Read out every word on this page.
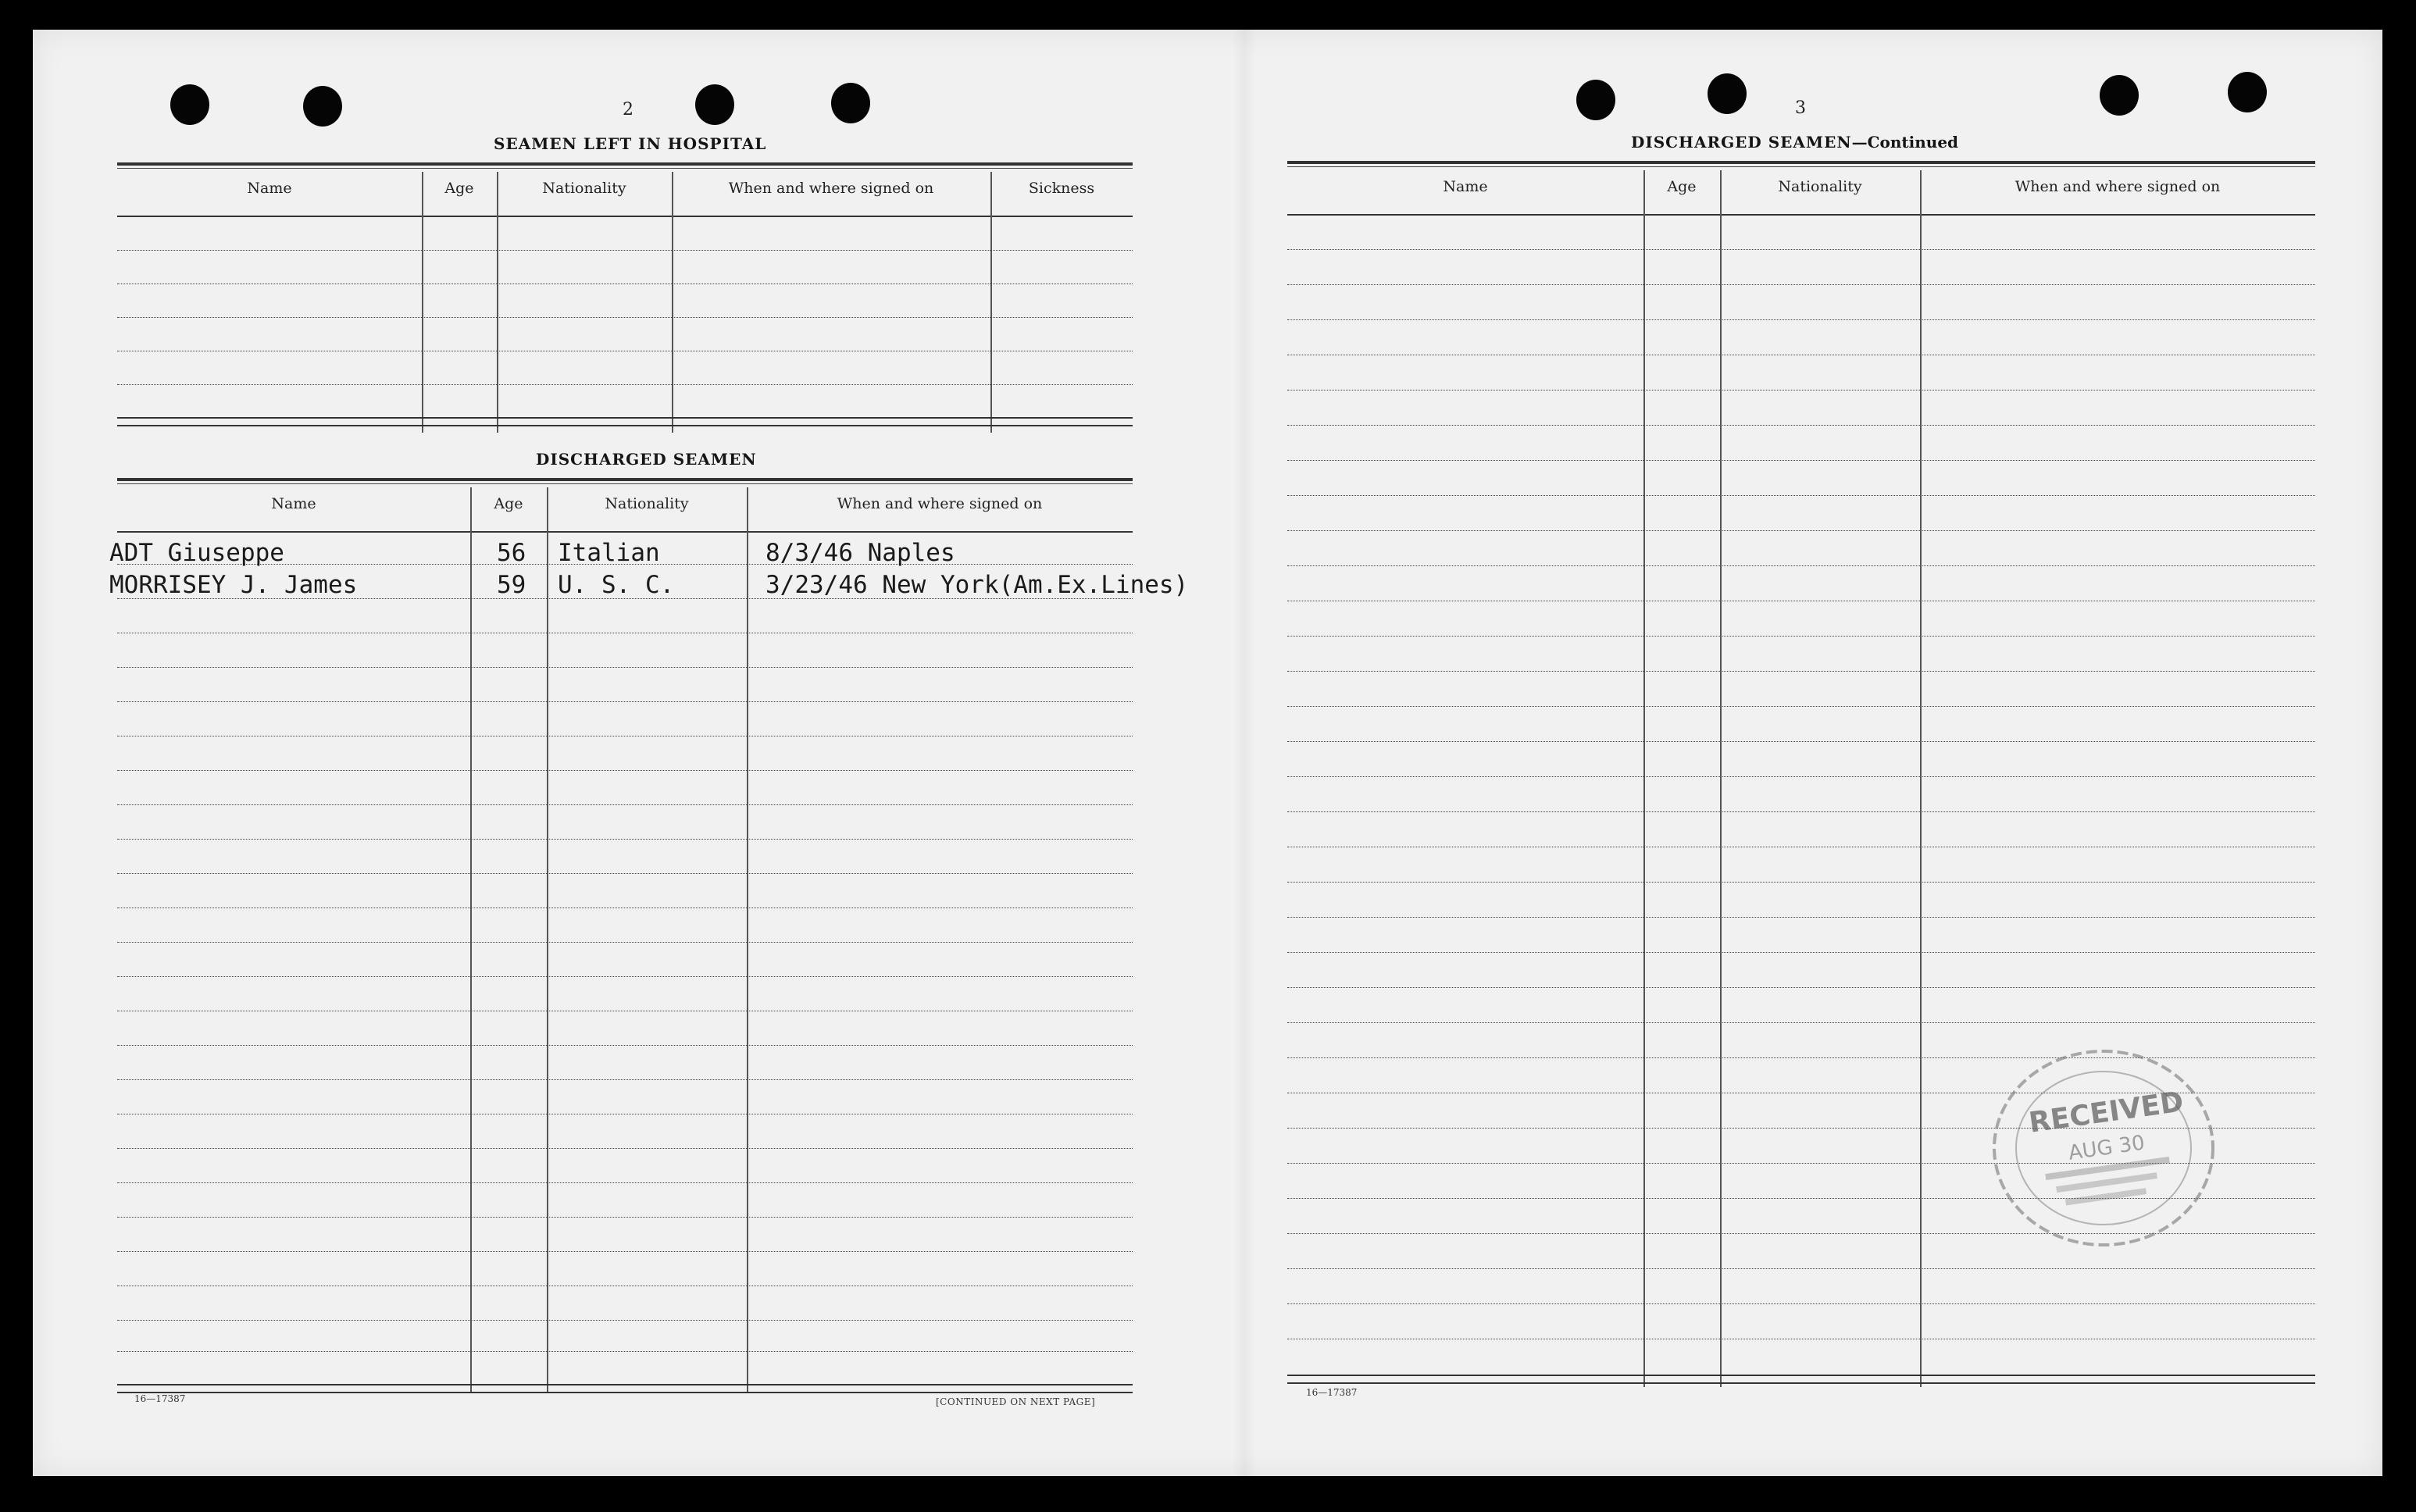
2
SEAMEN LEFT IN HOSPITAL
Name	Age	Nationality	When and where signed on	Sickness
DISCHARGED SEAMEN
Name	Age	Nationality	When and where signed on
ADT Giuseppe	56 Italian	8/3/46 Naples
MORRISEY J. James	59 U. S. C.	3/23/46 New York(Am.Ex.Lines)
16—17387	[CONTINUED ON NEXT PAGE]
3
DISCHARGED SEAMEN—Continued
Name	Age	Nationality	When and where signed on
16—17387
RECEIVED
AUG 30
